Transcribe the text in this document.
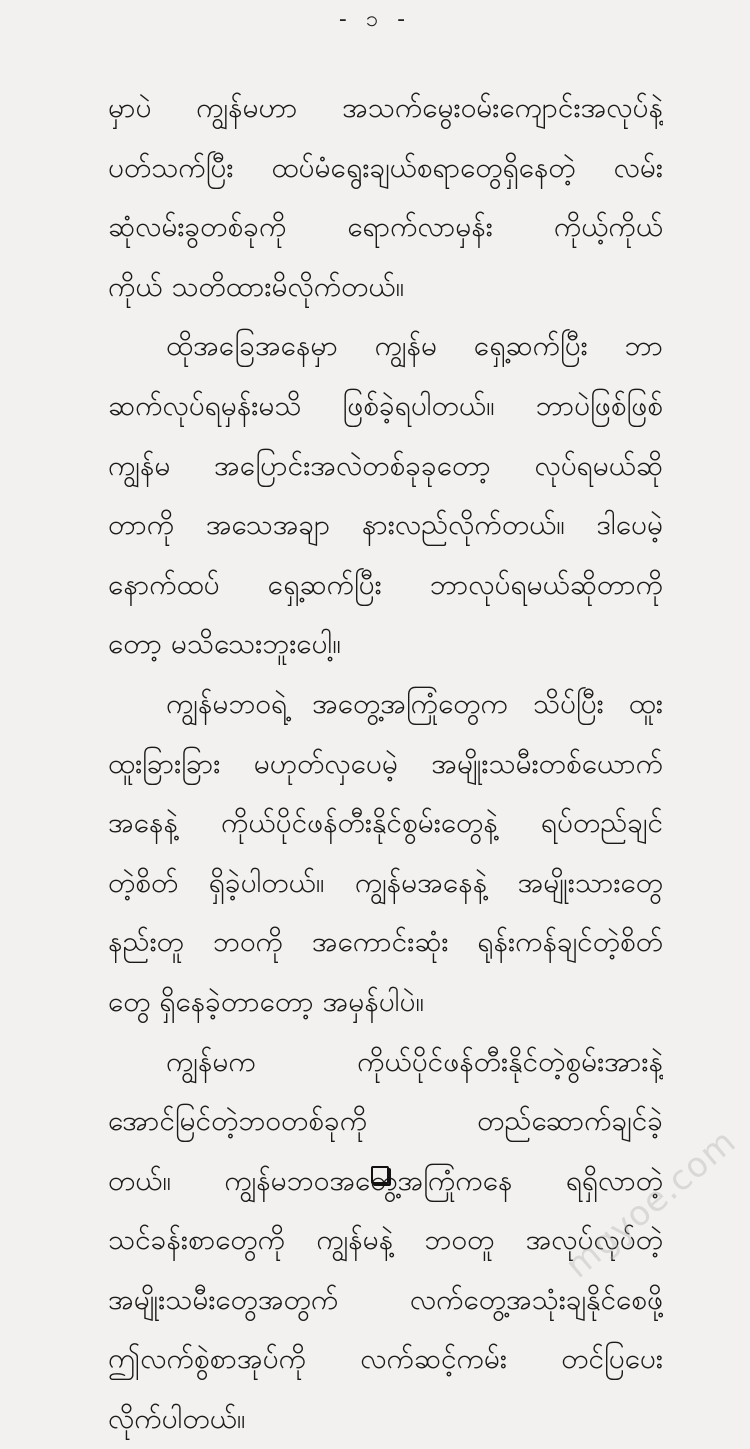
- ၁ -
မှာပဲ ကျွန်မဟာ အသက်မွေးဝမ်းကျောင်းအလုပ်နဲ့
ပတ်သက်ပြီး ထပ်မံရွေးချယ်စရာတွေရှိနေတဲ့ လမ်း
ဆုံလမ်းခွတစ်ခုကို ရောက်လာမှန်း ကိုယ့်ကိုယ်
ကိုယ် သတိထားမိလိုက်တယ်။
ထိုအခြေအနေမှာ ကျွန်မ ရှေ့ဆက်ပြီး ဘာ
ဆက်လုပ်ရမှန်းမသိ ဖြစ်ခဲ့ရပါတယ်။ ဘာပဲဖြစ်ဖြစ်
ကျွန်မ အပြောင်းအလဲတစ်ခုခုတော့ လုပ်ရမယ်ဆို
တာကို အသေအချာ နားလည်လိုက်တယ်။ ဒါပေမဲ့
နောက်ထပ် ရှေ့ဆက်ပြီး ဘာလုပ်ရမယ်ဆိုတာကို
တော့ မသိသေးဘူးပေါ့။
ကျွန်မဘဝရဲ့ အတွေ့အကြုံတွေက သိပ်ပြီး ထူး
ထူးခြားခြား မဟုတ်လှပေမဲ့ အမျိုးသမီးတစ်ယောက်
အနေနဲ့ ကိုယ်ပိုင်ဖန်တီးနိုင်စွမ်းတွေနဲ့ ရပ်တည်ချင်
တဲ့စိတ် ရှိခဲ့ပါတယ်။ ကျွန်မအနေနဲ့ အမျိုးသားတွေ
နည်းတူ ဘဝကို အကောင်းဆုံး ရုန်းကန်ချင်တဲ့စိတ်
တွေ ရှိနေခဲ့တာတော့ အမှန်ပါပဲ။
ကျွန်မက ကိုယ်ပိုင်ဖန်တီးနိုင်တဲ့စွမ်းအားနဲ့
အောင်မြင်တဲ့ဘဝတစ်ခုကို တည်ဆောက်ချင်ခဲ့
တယ်။ ကျွန်မဘဝအတွေ့အကြုံကနေ ရရှိလာတဲ့
သင်ခန်းစာတွေကို ကျွန်မနဲ့ ဘဝတူ အလုပ်လုပ်တဲ့
အမျိုးသမီးတွေအတွက် လက်တွေ့အသုံးချနိုင်စေဖို့
ဤလက်စွဲစာအုပ်ကို လက်ဆင့်ကမ်း တင်ပြပေး
လိုက်ပါတယ်။
mgyoe.com
